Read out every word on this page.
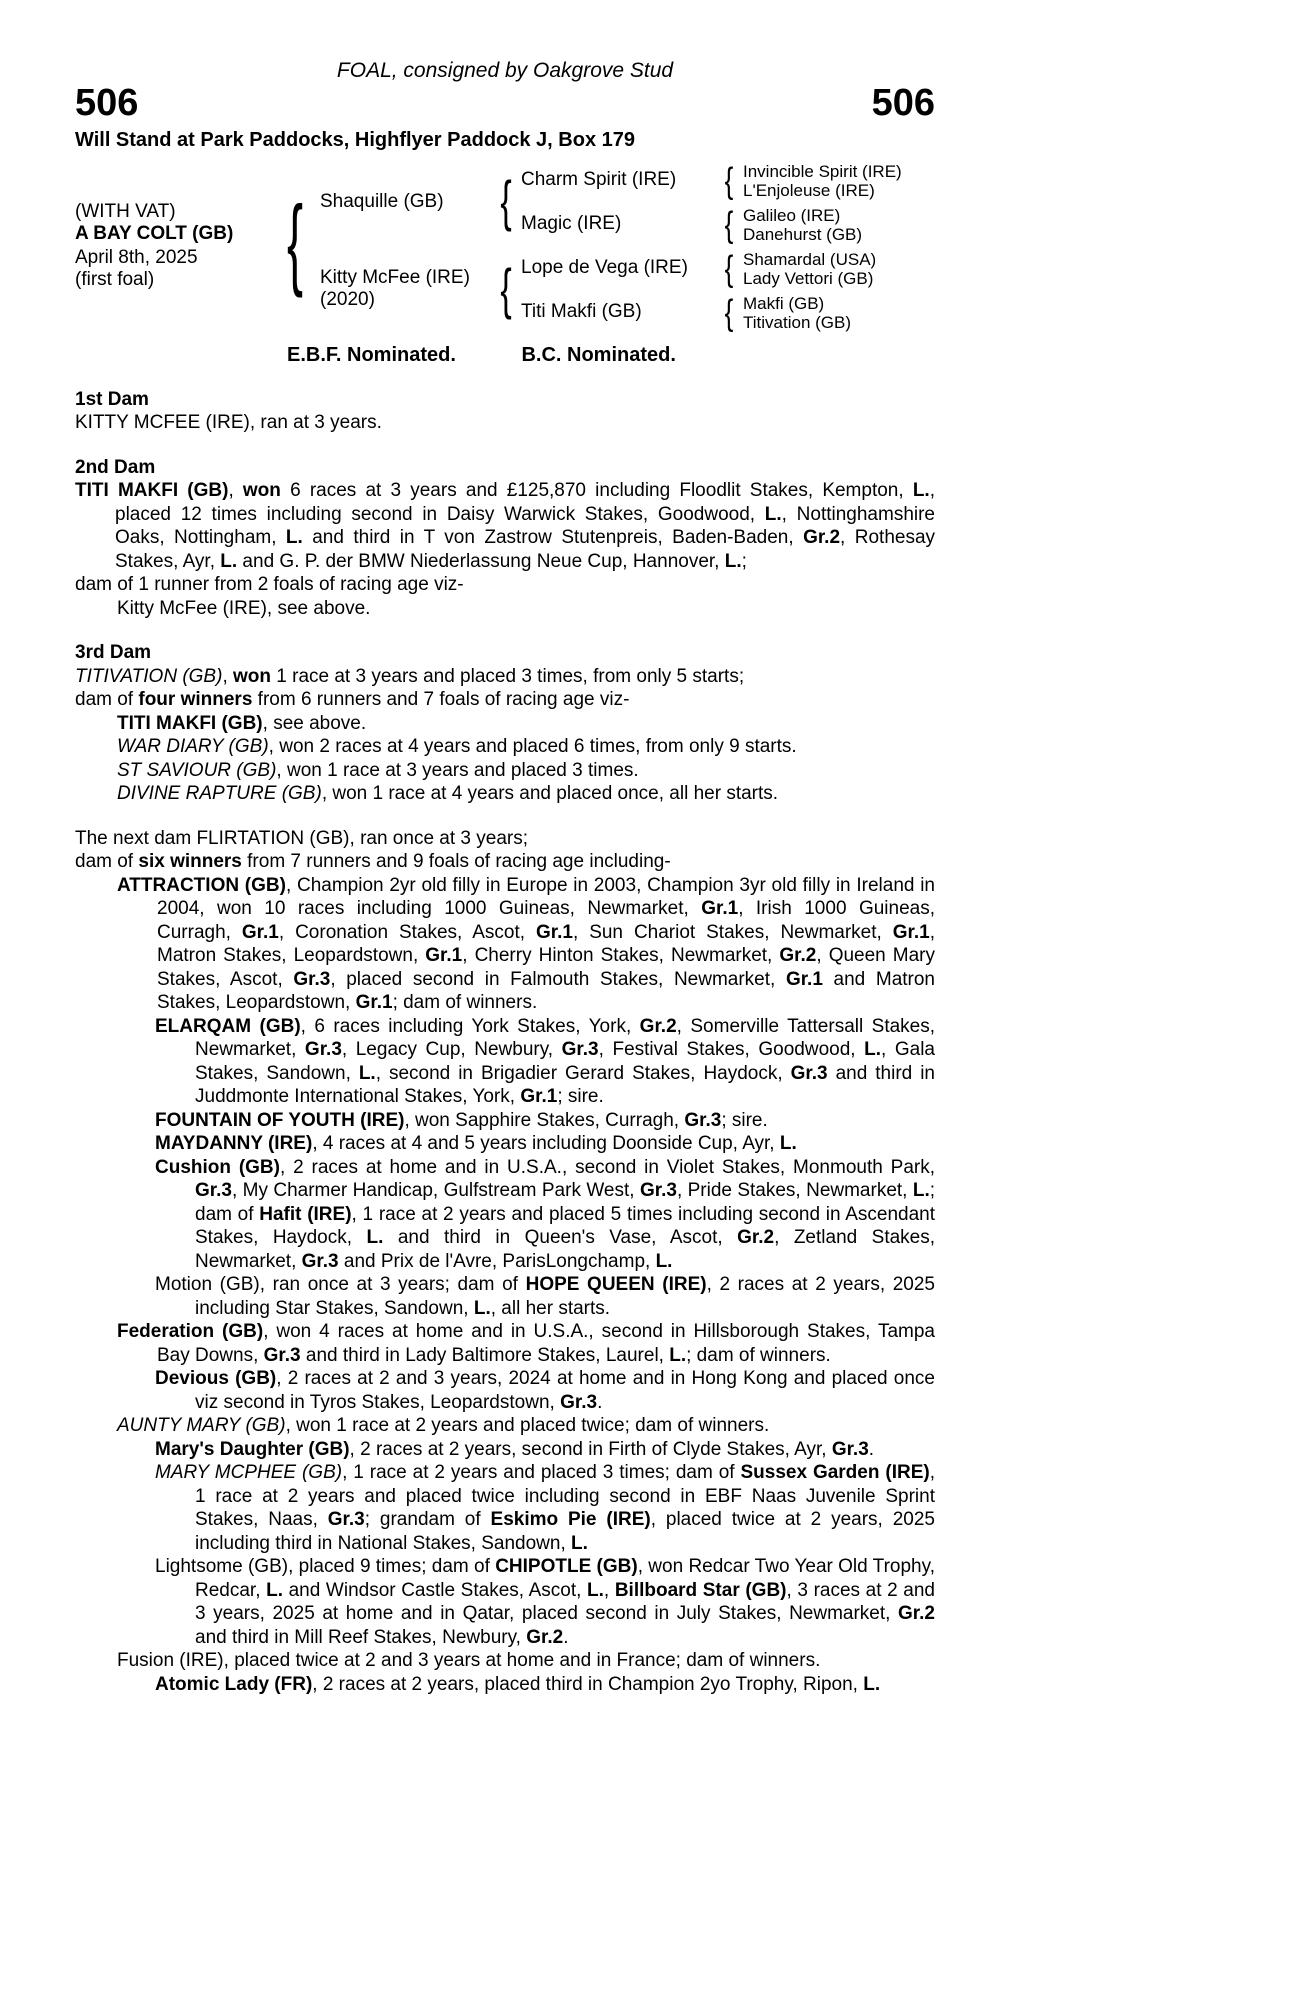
FOAL, consigned by Oakgrove Stud
506	506
Will Stand at Park Paddocks, Highflyer Paddock J, Box 179
(WITH VAT)
A BAY COLT (GB)
April 8th, 2025
(first foal)	{ Shaquille (GB)
Kitty McFee (IRE)
(2020)
{
{
Charm Spirit (IRE)
Magic (IRE)
Lope de Vega (IRE)
Titi Makfi (GB)
{
{
{
{
Invincible Spirit (IRE)
L'Enjoleuse (IRE)
Galileo (IRE)
Danehurst (GB)
Shamardal (USA)
Lady Vettori (GB)
Makfi (GB)
Titivation (GB)
E.B.F. Nominated.	B.C. Nominated.
1st Dam
KITTY MCFEE (IRE), ran at 3 years.
2nd Dam
TITI MAKFI (GB), won 6 races at 3 years and £125,870 including Floodlit Stakes, Kempton, L., placed 12 times including second in Daisy Warwick Stakes, Goodwood, L., Nottinghamshire Oaks, Nottingham, L. and third in T von Zastrow Stutenpreis, Baden-Baden, Gr.2, Rothesay Stakes, Ayr, L. and G. P. der BMW Niederlassung Neue Cup, Hannover, L.;
dam of 1 runner from 2 foals of racing age viz-
Kitty McFee (IRE), see above.
3rd Dam
TITIVATION (GB), won 1 race at 3 years and placed 3 times, from only 5 starts;
dam of four winners from 6 runners and 7 foals of racing age viz-
TITI MAKFI (GB), see above.
WAR DIARY (GB), won 2 races at 4 years and placed 6 times, from only 9 starts.
ST SAVIOUR (GB), won 1 race at 3 years and placed 3 times.
DIVINE RAPTURE (GB), won 1 race at 4 years and placed once, all her starts.
The next dam FLIRTATION (GB), ran once at 3 years;
dam of six winners from 7 runners and 9 foals of racing age including-
ATTRACTION (GB), Champion 2yr old filly in Europe in 2003, Champion 3yr old filly in Ireland in 2004, won 10 races including 1000 Guineas, Newmarket, Gr.1, Irish 1000 Guineas, Curragh, Gr.1, Coronation Stakes, Ascot, Gr.1, Sun Chariot Stakes, Newmarket, Gr.1, Matron Stakes, Leopardstown, Gr.1, Cherry Hinton Stakes, Newmarket, Gr.2, Queen Mary Stakes, Ascot, Gr.3, placed second in Falmouth Stakes, Newmarket, Gr.1 and Matron Stakes, Leopardstown, Gr.1; dam of winners.
ELARQAM (GB), 6 races including York Stakes, York, Gr.2, Somerville Tattersall Stakes, Newmarket, Gr.3, Legacy Cup, Newbury, Gr.3, Festival Stakes, Goodwood, L., Gala Stakes, Sandown, L., second in Brigadier Gerard Stakes, Haydock, Gr.3 and third in Juddmonte International Stakes, York, Gr.1; sire.
FOUNTAIN OF YOUTH (IRE), won Sapphire Stakes, Curragh, Gr.3; sire.
MAYDANNY (IRE), 4 races at 4 and 5 years including Doonside Cup, Ayr, L.
Cushion (GB), 2 races at home and in U.S.A., second in Violet Stakes, Monmouth Park, Gr.3, My Charmer Handicap, Gulfstream Park West, Gr.3, Pride Stakes, Newmarket, L.; dam of Hafit (IRE), 1 race at 2 years and placed 5 times including second in Ascendant Stakes, Haydock, L. and third in Queen's Vase, Ascot, Gr.2, Zetland Stakes, Newmarket, Gr.3 and Prix de l'Avre, ParisLongchamp, L.
Motion (GB), ran once at 3 years; dam of HOPE QUEEN (IRE), 2 races at 2 years, 2025 including Star Stakes, Sandown, L., all her starts.
Federation (GB), won 4 races at home and in U.S.A., second in Hillsborough Stakes, Tampa Bay Downs, Gr.3 and third in Lady Baltimore Stakes, Laurel, L.; dam of winners.
Devious (GB), 2 races at 2 and 3 years, 2024 at home and in Hong Kong and placed once viz second in Tyros Stakes, Leopardstown, Gr.3.
AUNTY MARY (GB), won 1 race at 2 years and placed twice; dam of winners.
Mary's Daughter (GB), 2 races at 2 years, second in Firth of Clyde Stakes, Ayr, Gr.3.
MARY MCPHEE (GB), 1 race at 2 years and placed 3 times; dam of Sussex Garden (IRE), 1 race at 2 years and placed twice including second in EBF Naas Juvenile Sprint Stakes, Naas, Gr.3; grandam of Eskimo Pie (IRE), placed twice at 2 years, 2025 including third in National Stakes, Sandown, L.
Lightsome (GB), placed 9 times; dam of CHIPOTLE (GB), won Redcar Two Year Old Trophy, Redcar, L. and Windsor Castle Stakes, Ascot, L., Billboard Star (GB), 3 races at 2 and 3 years, 2025 at home and in Qatar, placed second in July Stakes, Newmarket, Gr.2 and third in Mill Reef Stakes, Newbury, Gr.2.
Fusion (IRE), placed twice at 2 and 3 years at home and in France; dam of winners.
Atomic Lady (FR), 2 races at 2 years, placed third in Champion 2yo Trophy, Ripon, L.
